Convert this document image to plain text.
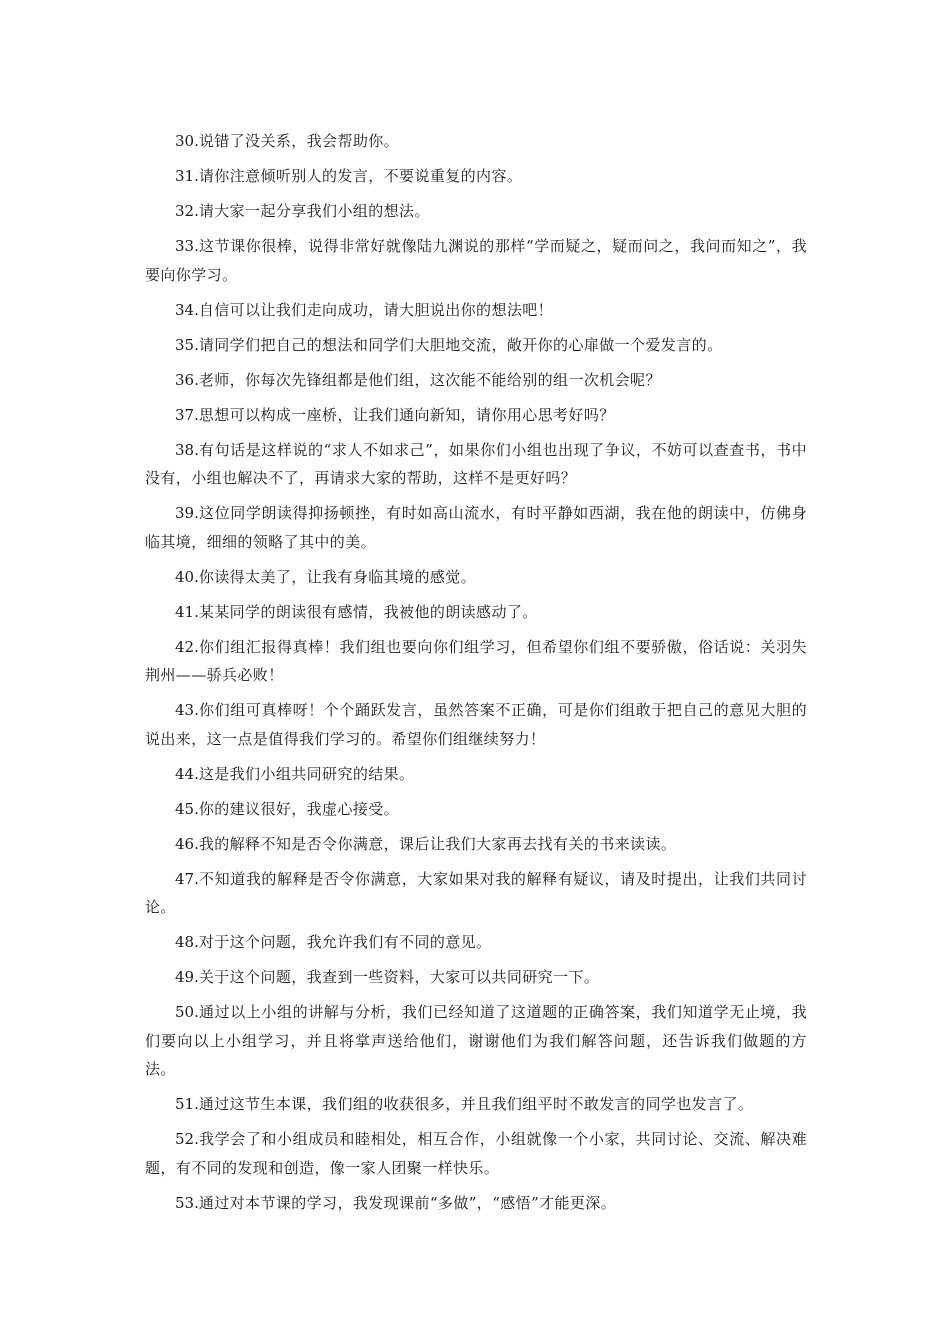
30.说错了没关系，我会帮助你。

31.请你注意倾听别人的发言，不要说重复的内容。

32.请大家一起分享我们小组的想法。

33.这节课你很棒，说得非常好就像陆九渊说的那样“学而疑之，疑而问之，我问而知之”，我要向你学习。

34.自信可以让我们走向成功，请大胆说出你的想法吧！

35.请同学们把自己的想法和同学们大胆地交流，敞开你的心扉做一个爱发言的。

36.老师，你每次先锋组都是他们组，这次能不能给别的组一次机会呢？

37.思想可以构成一座桥，让我们通向新知，请你用心思考好吗？

38.有句话是这样说的“求人不如求己”，如果你们小组也出现了争议，不妨可以查查书，书中没有，小组也解决不了，再请求大家的帮助，这样不是更好吗？

39.这位同学朗读得抑扬顿挫，有时如高山流水，有时平静如西湖，我在他的朗读中，仿佛身临其境，细细的领略了其中的美。

40.你读得太美了，让我有身临其境的感觉。

41.某某同学的朗读很有感情，我被他的朗读感动了。

42.你们组汇报得真棒！我们组也要向你们组学习，但希望你们组不要骄傲，俗话说：关羽失荆州——骄兵必败！

43.你们组可真棒呀！个个踊跃发言，虽然答案不正确，可是你们组敢于把自己的意见大胆的说出来，这一点是值得我们学习的。希望你们组继续努力！

44.这是我们小组共同研究的结果。

45.你的建议很好，我虚心接受。

46.我的解释不知是否令你满意，课后让我们大家再去找有关的书来读读。

47.不知道我的解释是否令你满意，大家如果对我的解释有疑议，请及时提出，让我们共同讨论。

48.对于这个问题，我允许我们有不同的意见。

49.关于这个问题，我查到一些资料，大家可以共同研究一下。

50.通过以上小组的讲解与分析，我们已经知道了这道题的正确答案，我们知道学无止境，我们要向以上小组学习，并且将掌声送给他们，谢谢他们为我们解答问题，还告诉我们做题的方法。

51.通过这节生本课，我们组的收获很多，并且我们组平时不敢发言的同学也发言了。

52.我学会了和小组成员和睦相处，相互合作，小组就像一个小家，共同讨论、交流、解决难题，有不同的发现和创造，像一家人团聚一样快乐。

53.通过对本节课的学习，我发现课前“多做”，“感悟”才能更深。
